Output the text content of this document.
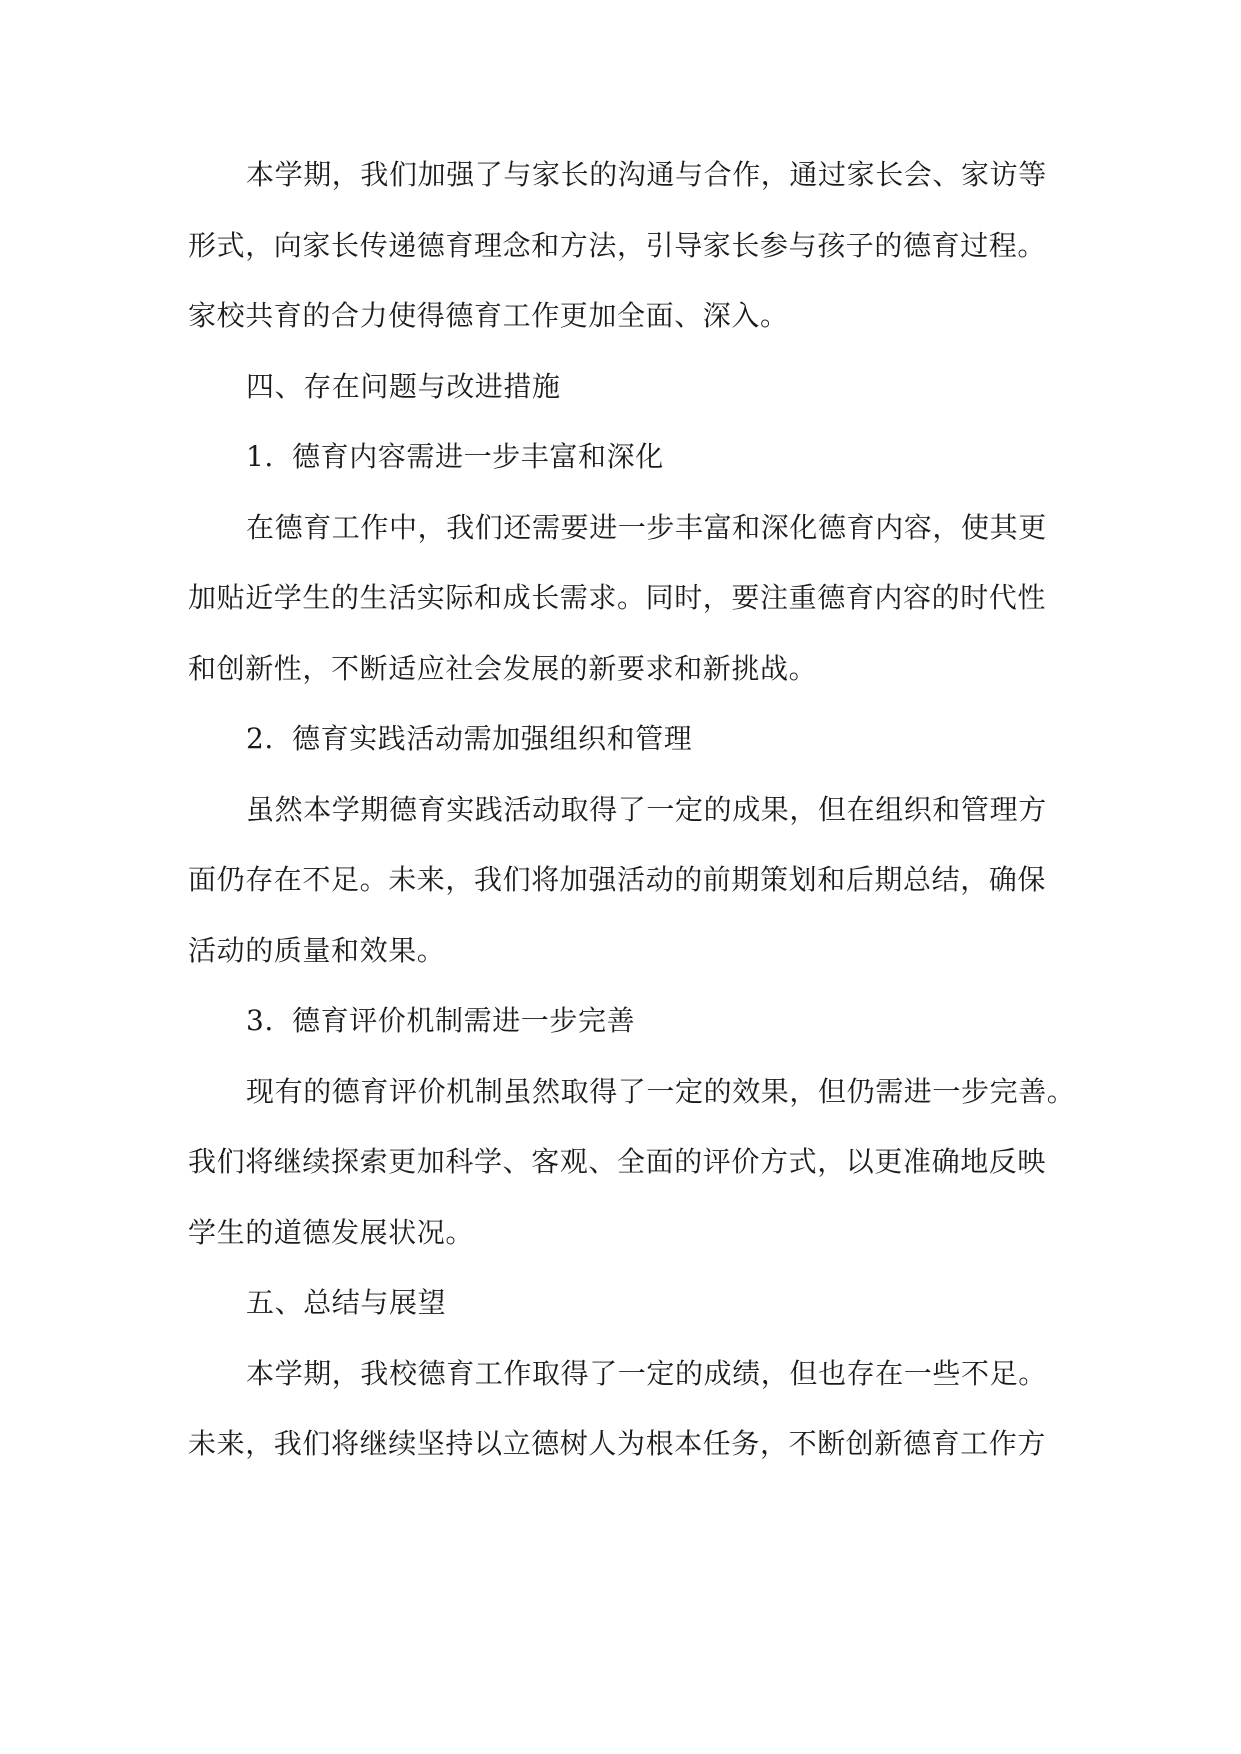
本学期，我们加强了与家长的沟通与合作，通过家长会、家访等
形式，向家长传递德育理念和方法，引导家长参与孩子的德育过程。
家校共育的合力使得德育工作更加全面、深入。
四、存在问题与改进措施
1. 德育内容需进一步丰富和深化
在德育工作中，我们还需要进一步丰富和深化德育内容，使其更
加贴近学生的生活实际和成长需求。同时，要注重德育内容的时代性
和创新性，不断适应社会发展的新要求和新挑战。
2. 德育实践活动需加强组织和管理
虽然本学期德育实践活动取得了一定的成果，但在组织和管理方
面仍存在不足。未来，我们将加强活动的前期策划和后期总结，确保
活动的质量和效果。
3. 德育评价机制需进一步完善
现有的德育评价机制虽然取得了一定的效果，但仍需进一步完善。
我们将继续探索更加科学、客观、全面的评价方式，以更准确地反映
学生的道德发展状况。
五、总结与展望
本学期，我校德育工作取得了一定的成绩，但也存在一些不足。
未来，我们将继续坚持以立德树人为根本任务，不断创新德育工作方
